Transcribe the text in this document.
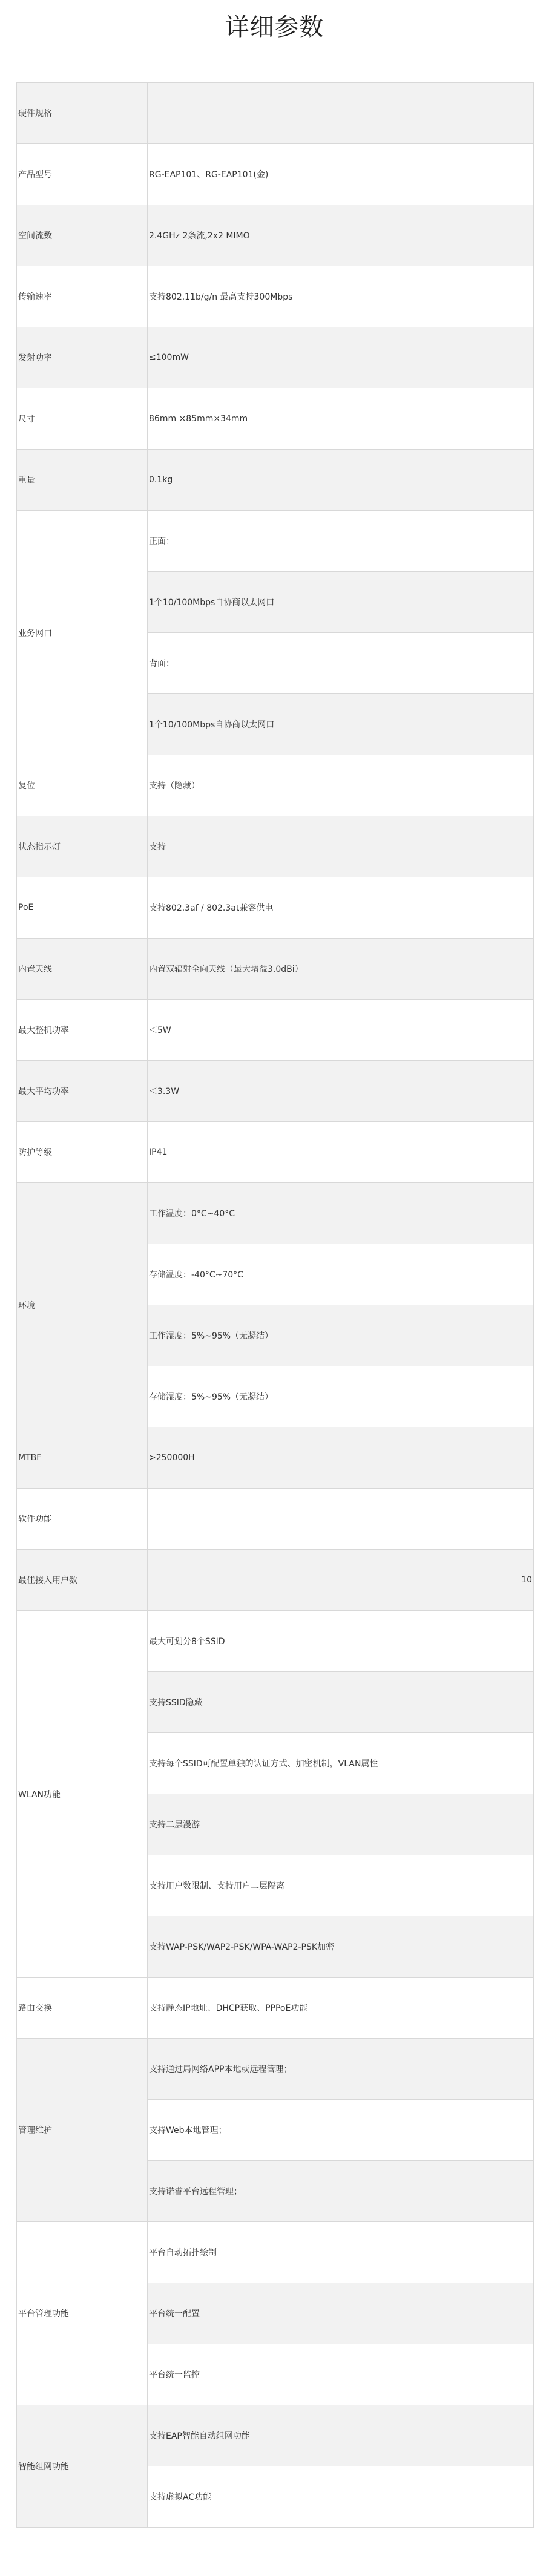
详细参数
硬件规格	
产品型号	RG-EAP101、RG-EAP101(金)
空间流数	2.4GHz 2条流,2x2 MIMO
传输速率	支持802.11b/g/n 最高支持300Mbps
发射功率	≤100mW
尺寸	86mm ×85mm×34mm
重量	0.1kg
业务网口	正面：
	1个10/100Mbps自协商以太网口
	背面：
	1个10/100Mbps自协商以太网口
复位	支持（隐藏）
状态指示灯	支持
PoE	支持802.3af / 802.3at兼容供电
内置天线	内置双辐射全向天线（最大增益3.0dBi）
最大整机功率	＜5W
最大平均功率	＜3.3W
防护等级	IP41
环境	工作温度：0°C~40°C
	存储温度：-40°C~70°C
	工作湿度：5%~95%（无凝结）
	存储湿度：5%~95%（无凝结）
MTBF	>250000H
软件功能	
最佳接入用户数	10
WLAN功能	最大可划分8个SSID
	支持SSID隐藏
	支持每个SSID可配置单独的认证方式、加密机制，VLAN属性
	支持二层漫游
	支持用户数限制、支持用户二层隔离
	支持WAP-PSK/WAP2-PSK/WPA-WAP2-PSK加密
路由交换	支持静态IP地址、DHCP获取、PPPoE功能
管理维护	支持通过局网络APP本地或远程管理；
	支持Web本地管理；
	支持诺睿平台远程管理；
平台管理功能	平台自动拓扑绘制
	平台统一配置
	平台统一监控
智能组网功能	支持EAP智能自动组网功能
	支持虚拟AC功能
